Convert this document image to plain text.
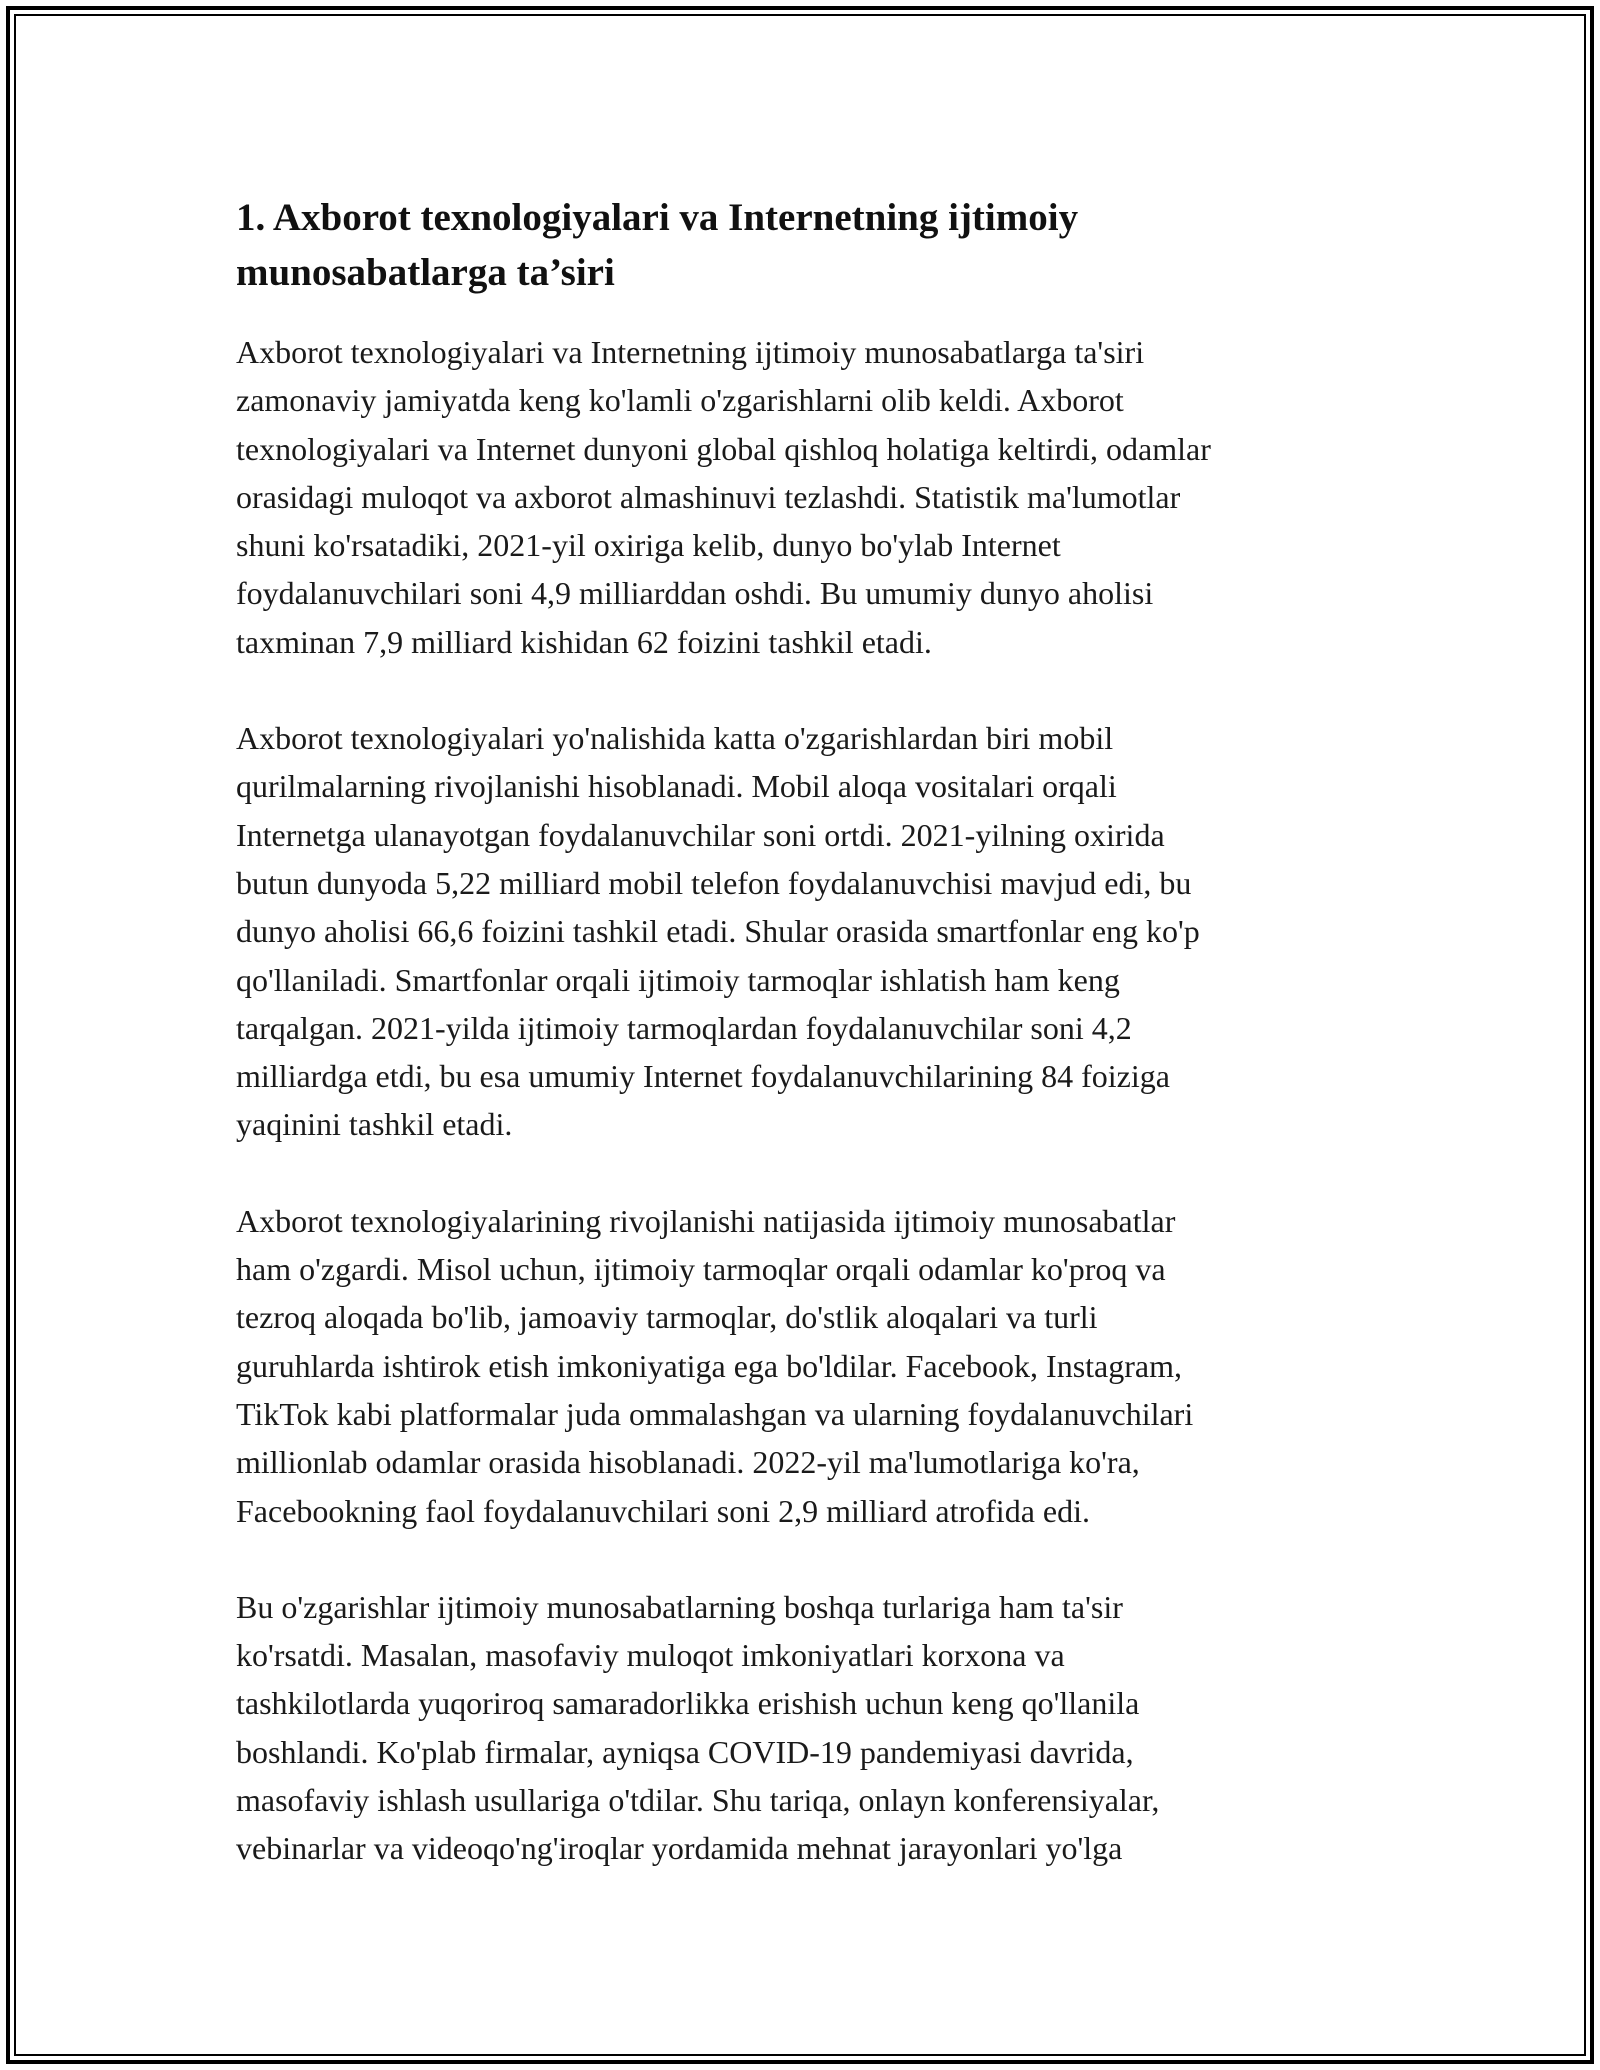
1. Axborot texnologiyalari va Internetning ijtimoiy
munosabatlarga ta’siri

Axborot texnologiyalari va Internetning ijtimoiy munosabatlarga ta'siri
zamonaviy jamiyatda keng ko'lamli o'zgarishlarni olib keldi. Axborot
texnologiyalari va Internet dunyoni global qishloq holatiga keltirdi, odamlar
orasidagi muloqot va axborot almashinuvi tezlashdi. Statistik ma'lumotlar
shuni ko'rsatadiki, 2021-yil oxiriga kelib, dunyo bo'ylab Internet
foydalanuvchilari soni 4,9 milliarddan oshdi. Bu umumiy dunyo aholisi
taxminan 7,9 milliard kishidan 62 foizini tashkil etadi.

Axborot texnologiyalari yo'nalishida katta o'zgarishlardan biri mobil
qurilmalarning rivojlanishi hisoblanadi. Mobil aloqa vositalari orqali
Internetga ulanayotgan foydalanuvchilar soni ortdi. 2021-yilning oxirida
butun dunyoda 5,22 milliard mobil telefon foydalanuvchisi mavjud edi, bu
dunyo aholisi 66,6 foizini tashkil etadi. Shular orasida smartfonlar eng ko'p
qo'llaniladi. Smartfonlar orqali ijtimoiy tarmoqlar ishlatish ham keng
tarqalgan. 2021-yilda ijtimoiy tarmoqlardan foydalanuvchilar soni 4,2
milliardga etdi, bu esa umumiy Internet foydalanuvchilarining 84 foiziga
yaqinini tashkil etadi.

Axborot texnologiyalarining rivojlanishi natijasida ijtimoiy munosabatlar
ham o'zgardi. Misol uchun, ijtimoiy tarmoqlar orqali odamlar ko'proq va
tezroq aloqada bo'lib, jamoaviy tarmoqlar, do'stlik aloqalari va turli
guruhlarda ishtirok etish imkoniyatiga ega bo'ldilar. Facebook, Instagram,
TikTok kabi platformalar juda ommalashgan va ularning foydalanuvchilari
millionlab odamlar orasida hisoblanadi. 2022-yil ma'lumotlariga ko'ra,
Facebookning faol foydalanuvchilari soni 2,9 milliard atrofida edi.

Bu o'zgarishlar ijtimoiy munosabatlarning boshqa turlariga ham ta'sir
ko'rsatdi. Masalan, masofaviy muloqot imkoniyatlari korxona va
tashkilotlarda yuqoriroq samaradorlikka erishish uchun keng qo'llanila
boshlandi. Ko'plab firmalar, ayniqsa COVID-19 pandemiyasi davrida,
masofaviy ishlash usullariga o'tdilar. Shu tariqa, onlayn konferensiyalar,
vebinarlar va videoqo'ng'iroqlar yordamida mehnat jarayonlari yo'lga
